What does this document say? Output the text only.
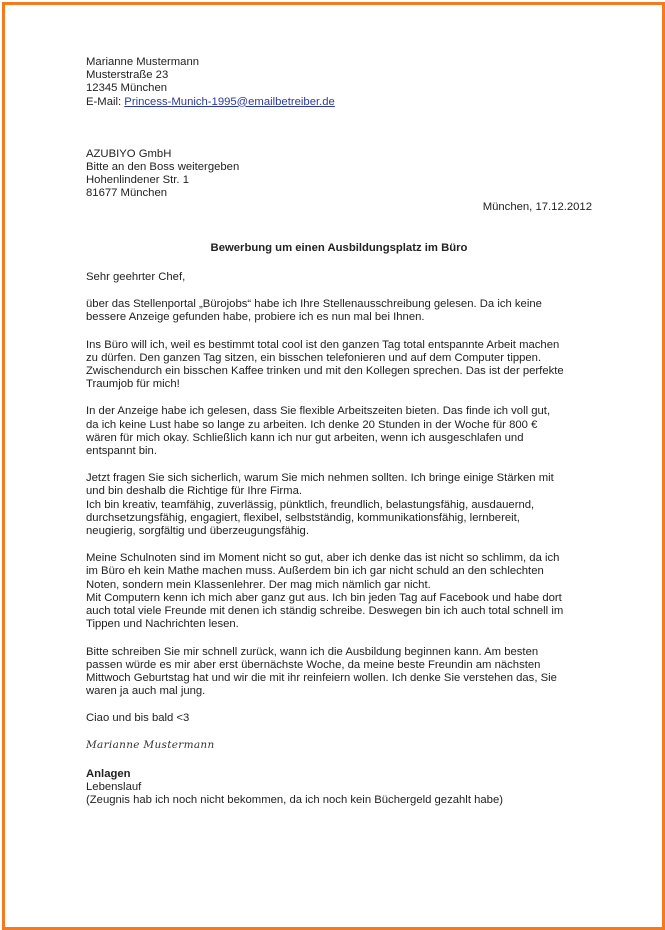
Marianne Mustermann
Musterstraße 23
12345 München
E-Mail: Princess-Munich-1995@emailbetreiber.de
AZUBIYO GmbH
Bitte an den Boss weitergeben
Hohenlindener Str. 1
81677 München
München, 17.12.2012
Bewerbung um einen Ausbildungsplatz im Büro
Sehr geehrter Chef,
über das Stellenportal „Bürojobs“ habe ich Ihre Stellenausschreibung gelesen. Da ich keine
bessere Anzeige gefunden habe, probiere ich es nun mal bei Ihnen.
Ins Büro will ich, weil es bestimmt total cool ist den ganzen Tag total entspannte Arbeit machen
zu dürfen. Den ganzen Tag sitzen, ein bisschen telefonieren und auf dem Computer tippen.
Zwischendurch ein bisschen Kaffee trinken und mit den Kollegen sprechen. Das ist der perfekte
Traumjob für mich!
In der Anzeige habe ich gelesen, dass Sie flexible Arbeitszeiten bieten. Das finde ich voll gut,
da ich keine Lust habe so lange zu arbeiten. Ich denke 20 Stunden in der Woche für 800 €
wären für mich okay. Schließlich kann ich nur gut arbeiten, wenn ich ausgeschlafen und
entspannt bin.
Jetzt fragen Sie sich sicherlich, warum Sie mich nehmen sollten. Ich bringe einige Stärken mit
und bin deshalb die Richtige für Ihre Firma.
Ich bin kreativ, teamfähig, zuverlässig, pünktlich, freundlich, belastungsfähig, ausdauernd,
durchsetzungsfähig, engagiert, flexibel, selbstständig, kommunikationsfähig, lernbereit,
neugierig, sorgfältig und überzeugungsfähig.
Meine Schulnoten sind im Moment nicht so gut, aber ich denke das ist nicht so schlimm, da ich
im Büro eh kein Mathe machen muss. Außerdem bin ich gar nicht schuld an den schlechten
Noten, sondern mein Klassenlehrer. Der mag mich nämlich gar nicht.
Mit Computern kenn ich mich aber ganz gut aus. Ich bin jeden Tag auf Facebook und habe dort
auch total viele Freunde mit denen ich ständig schreibe. Deswegen bin ich auch total schnell im
Tippen und Nachrichten lesen.
Bitte schreiben Sie mir schnell zurück, wann ich die Ausbildung beginnen kann. Am besten
passen würde es mir aber erst übernächste Woche, da meine beste Freundin am nächsten
Mittwoch Geburtstag hat und wir die mit ihr reinfeiern wollen. Ich denke Sie verstehen das, Sie
waren ja auch mal jung.
Ciao und bis bald <3
Marianne Mustermann
Anlagen
Lebenslauf
(Zeugnis hab ich noch nicht bekommen, da ich noch kein Büchergeld gezahlt habe)
